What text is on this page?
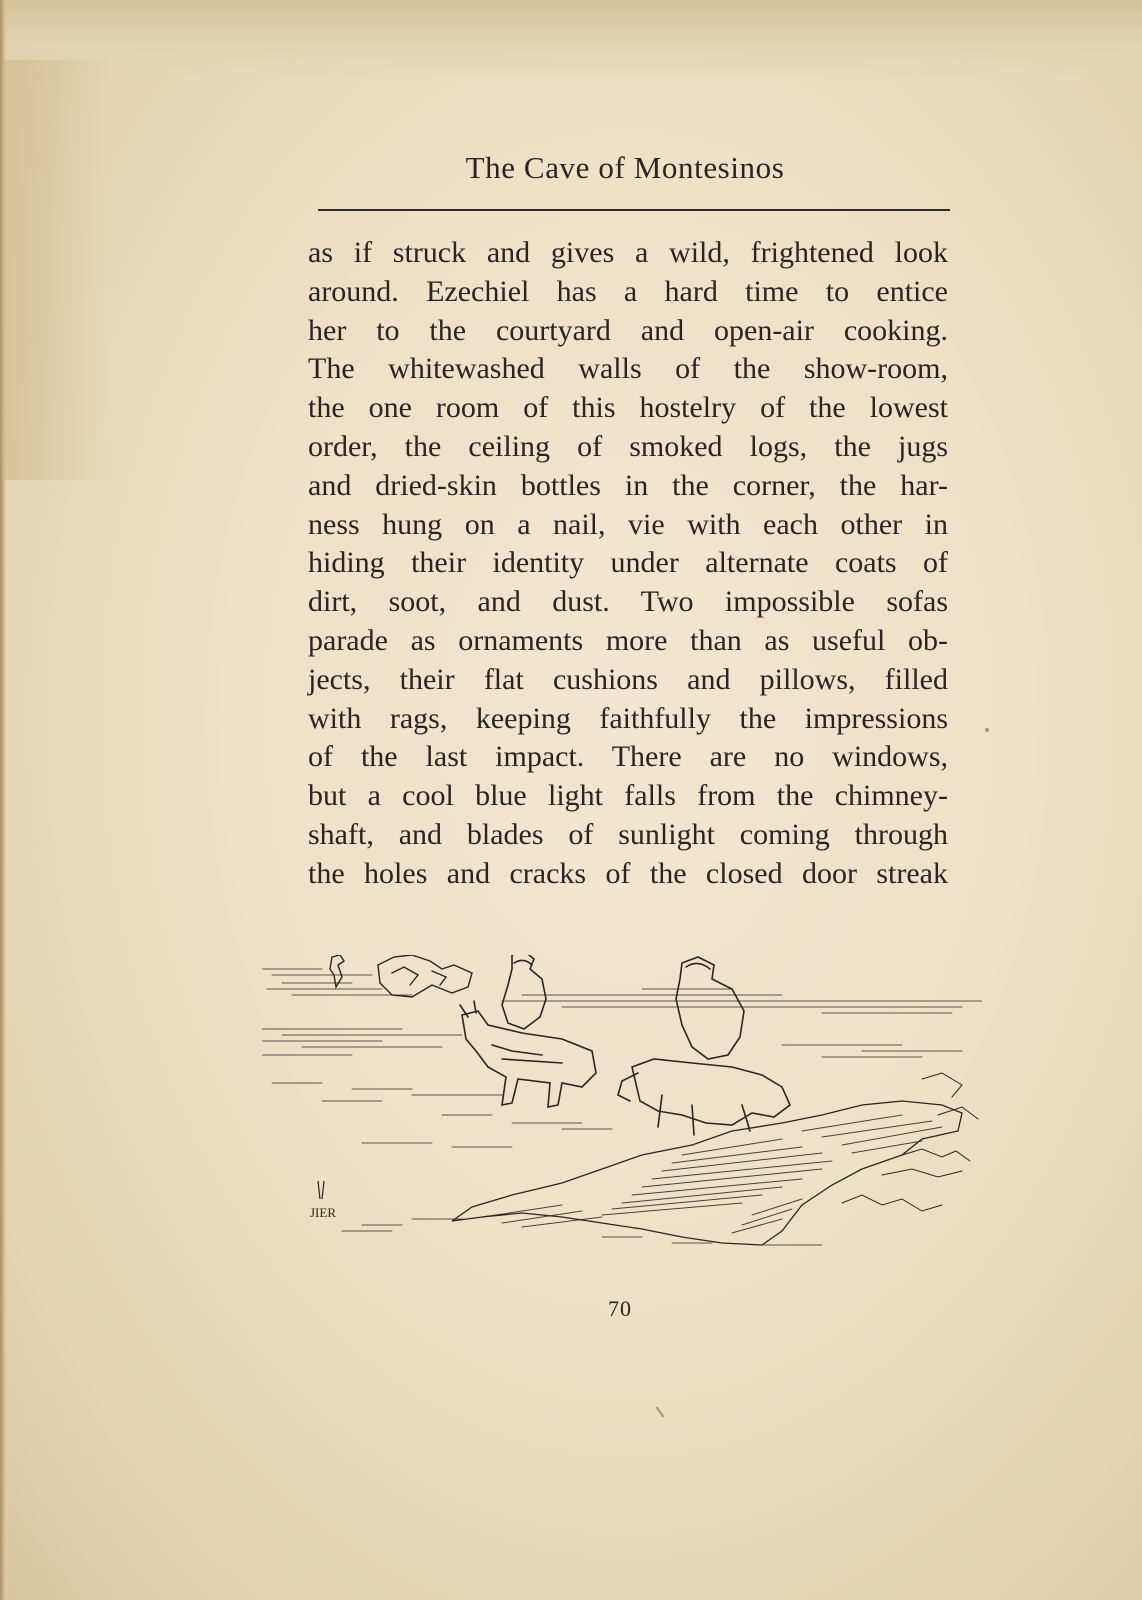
The Cave of Montesinos
as if struck and gives a wild, frightened look
around. Ezechiel has a hard time to entice
her to the courtyard and open-air cooking.
The whitewashed walls of the show-room,
the one room of this hostelry of the lowest
order, the ceiling of smoked logs, the jugs
and dried-skin bottles in the corner, the har-
ness hung on a nail, vie with each other in
hiding their identity under alternate coats of
dirt, soot, and dust. Two impossible sofas
parade as ornaments more than as useful ob-
jects, their flat cushions and pillows, filled
with rags, keeping faithfully the impressions
of the last impact. There are no windows,
but a cool blue light falls from the chimney-
shaft, and blades of sunlight coming through
the holes and cracks of the closed door streak
JIER
70
